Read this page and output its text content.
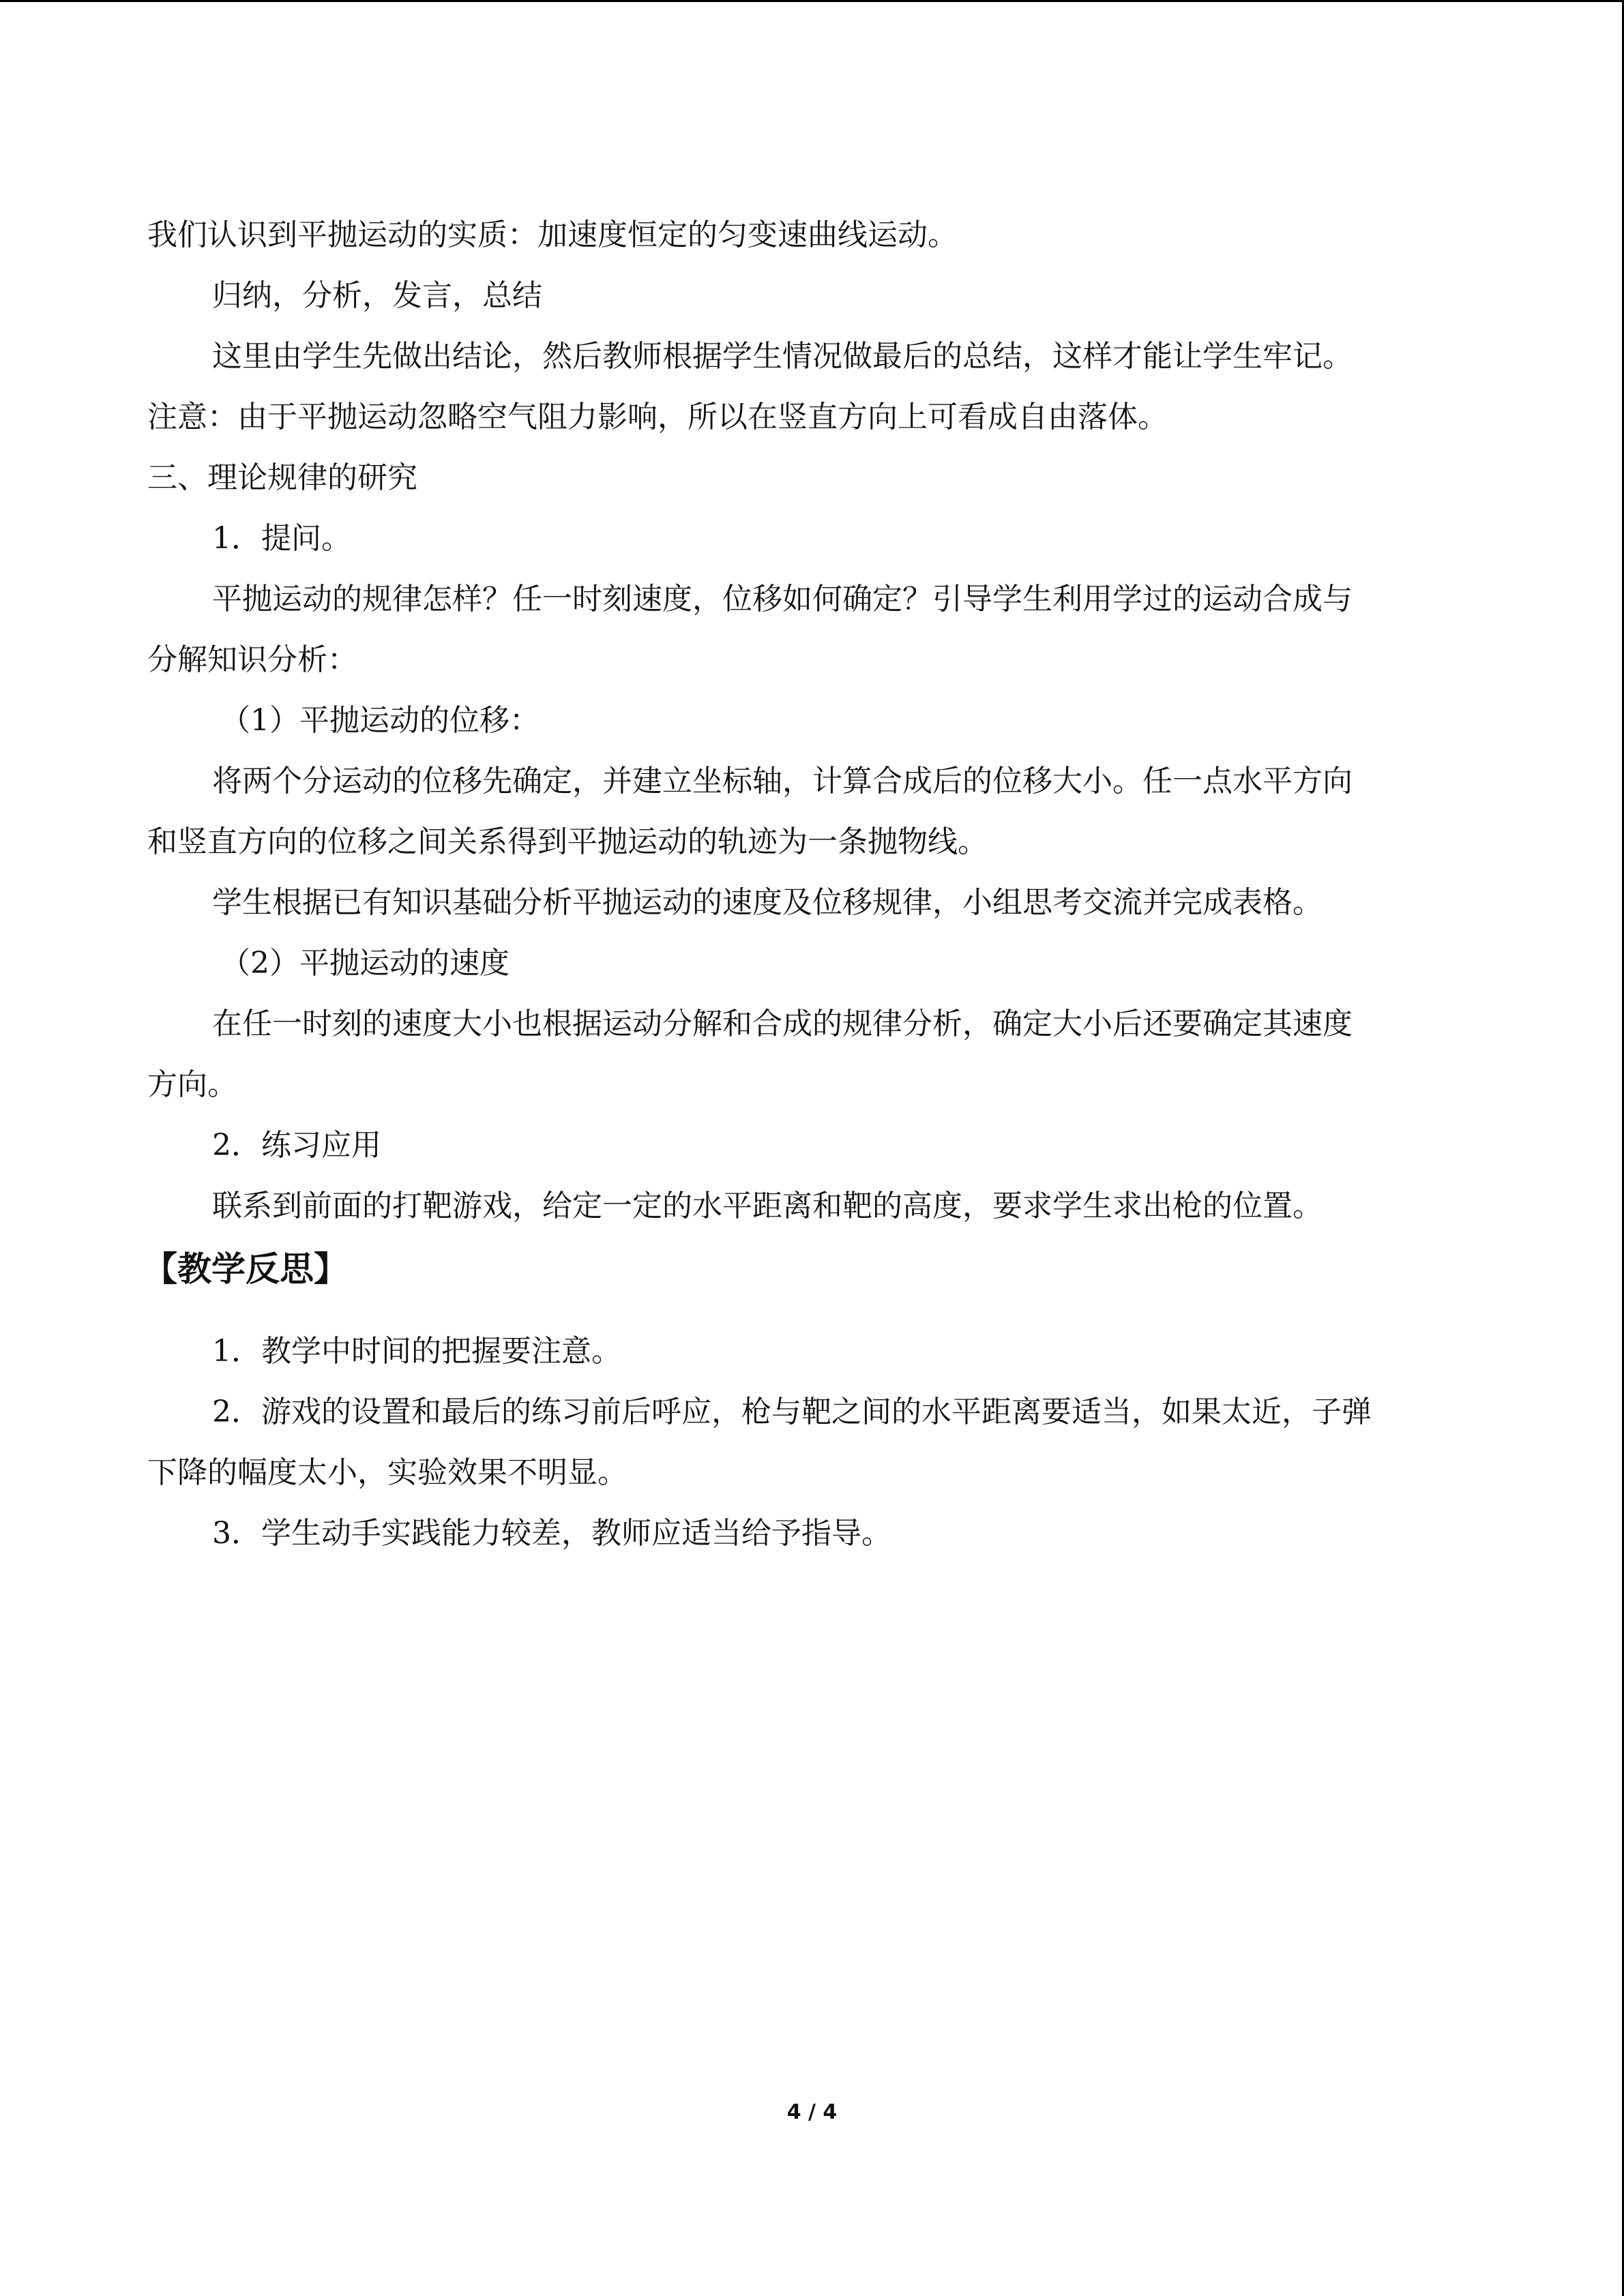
我们认识到平抛运动的实质：加速度恒定的匀变速曲线运动。

归纳，分析，发言，总结

这里由学生先做出结论，然后教师根据学生情况做最后的总结，这样才能让学生牢记。

注意：由于平抛运动忽略空气阻力影响，所以在竖直方向上可看成自由落体。

三、理论规律的研究

1．提问。

平抛运动的规律怎样？任一时刻速度，位移如何确定？引导学生利用学过的运动合成与

分解知识分析：

（1）平抛运动的位移：

将两个分运动的位移先确定，并建立坐标轴，计算合成后的位移大小。任一点水平方向

和竖直方向的位移之间关系得到平抛运动的轨迹为一条抛物线。

学生根据已有知识基础分析平抛运动的速度及位移规律，小组思考交流并完成表格。

（2）平抛运动的速度

在任一时刻的速度大小也根据运动分解和合成的规律分析，确定大小后还要确定其速度

方向。

2．练习应用

联系到前面的打靶游戏，给定一定的水平距离和靶的高度，要求学生求出枪的位置。

【教学反思】

1．教学中时间的把握要注意。

2．游戏的设置和最后的练习前后呼应，枪与靶之间的水平距离要适当，如果太近，子弹

下降的幅度太小，实验效果不明显。

3．学生动手实践能力较差，教师应适当给予指导。

4 / 4
